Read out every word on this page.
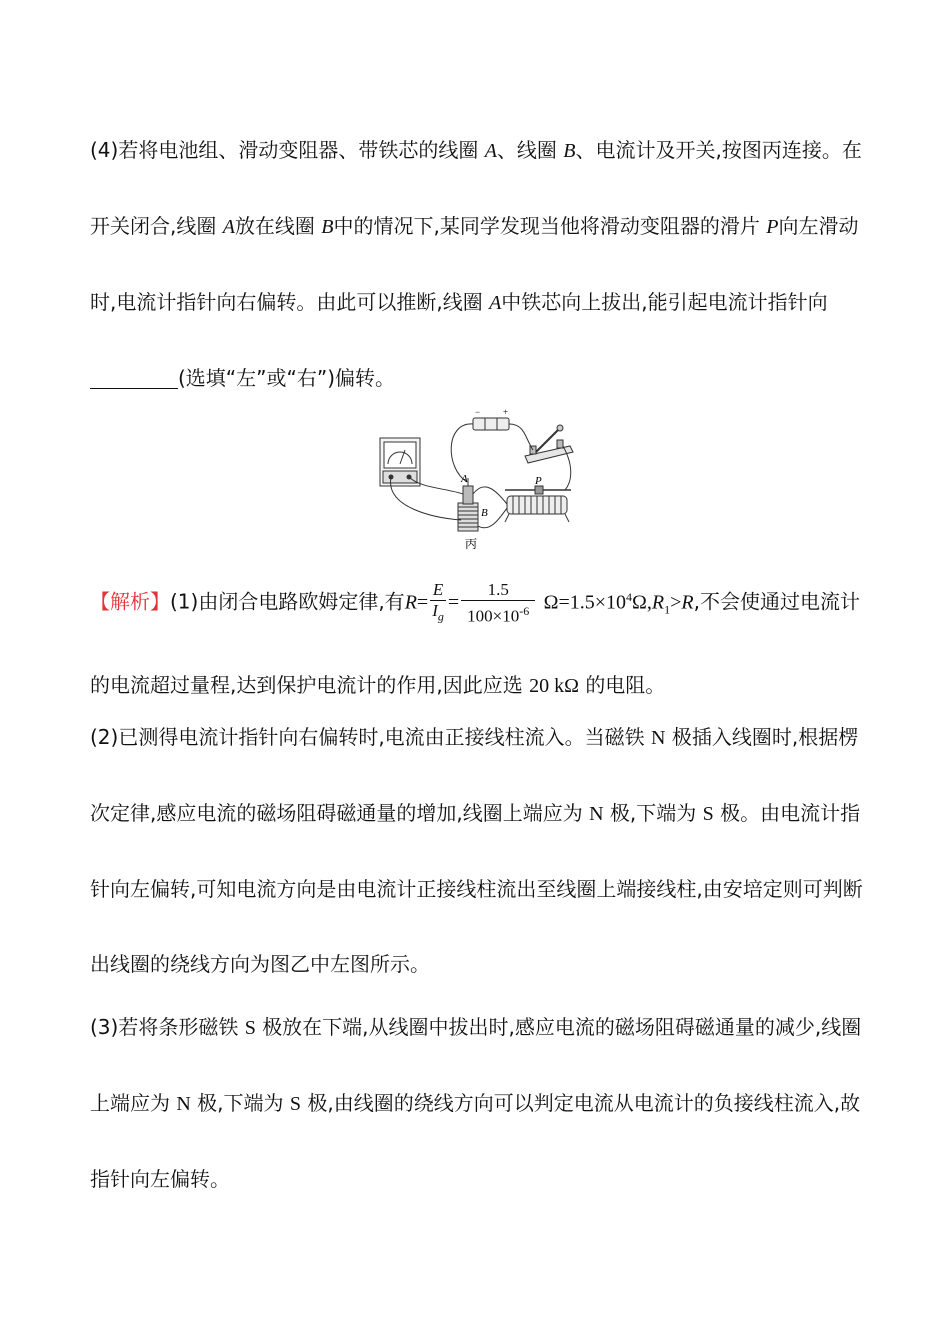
(4)若将电池组、滑动变阻器、带铁芯的线圈 A、线圈 B、电流计及开关,按图丙连接。在开关闭合,线圈 A放在线圈 B中的情况下,某同学发现当他将滑动变阻器的滑片 P向左滑动时,电流计指针向右偏转。由此可以推断,线圈 A中铁芯向上拔出,能引起电流计指针向(选填“左”或“右”)偏转。

−	+
A
B
P
丙

【解析】(1)由闭合电路欧姆定律,有$R= \frac{E}{I_g} = \frac{1.5}{100\times 10^{-6}} \Omega=1.5\times 10^4\Omega,R_1>R$,不会使通过电流计的电流超过量程,达到保护电流计的作用,因此应选 20 kΩ 的电阻。

(2)已测得电流计指针向右偏转时,电流由正接线柱流入。当磁铁 N 极插入线圈时,根据楞次定律,感应电流的磁场阻碍磁通量的增加,线圈上端应为 N 极,下端为 S 极。由电流计指针向左偏转,可知电流方向是由电流计正接线柱流出至线圈上端接线柱,由安培定则可判断出线圈的绕线方向为图乙中左图所示。

(3)若将条形磁铁 S 极放在下端,从线圈中拔出时,感应电流的磁场阻碍磁通量的减少,线圈上端应为 N 极,下端为 S 极,由线圈的绕线方向可以判定电流从电流计的负接线柱流入,故指针向左偏转。
